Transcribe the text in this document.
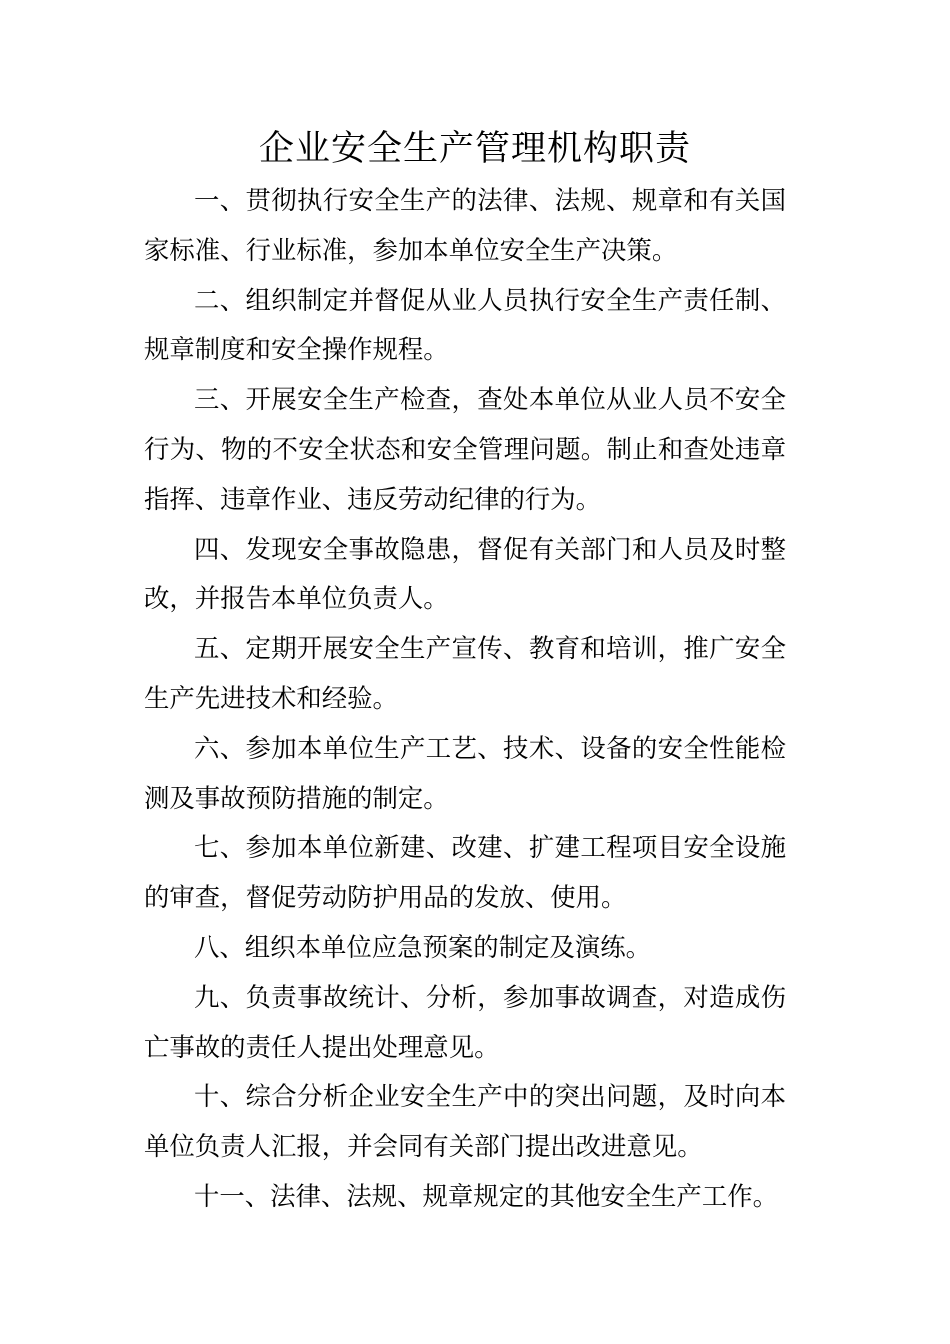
企业安全生产管理机构职责
一、贯彻执行安全生产的法律、法规、规章和有关国家标准、行业标准，参加本单位安全生产决策。
二、组织制定并督促从业人员执行安全生产责任制、规章制度和安全操作规程。
三、开展安全生产检查，查处本单位从业人员不安全行为、物的不安全状态和安全管理问题。制止和查处违章指挥、违章作业、违反劳动纪律的行为。
四、发现安全事故隐患，督促有关部门和人员及时整改，并报告本单位负责人。
五、定期开展安全生产宣传、教育和培训，推广安全生产先进技术和经验。
六、参加本单位生产工艺、技术、设备的安全性能检测及事故预防措施的制定。
七、参加本单位新建、改建、扩建工程项目安全设施的审查，督促劳动防护用品的发放、使用。
八、组织本单位应急预案的制定及演练。
九、负责事故统计、分析，参加事故调查，对造成伤亡事故的责任人提出处理意见。
十、综合分析企业安全生产中的突出问题，及时向本单位负责人汇报，并会同有关部门提出改进意见。
十一、法律、法规、规章规定的其他安全生产工作。
